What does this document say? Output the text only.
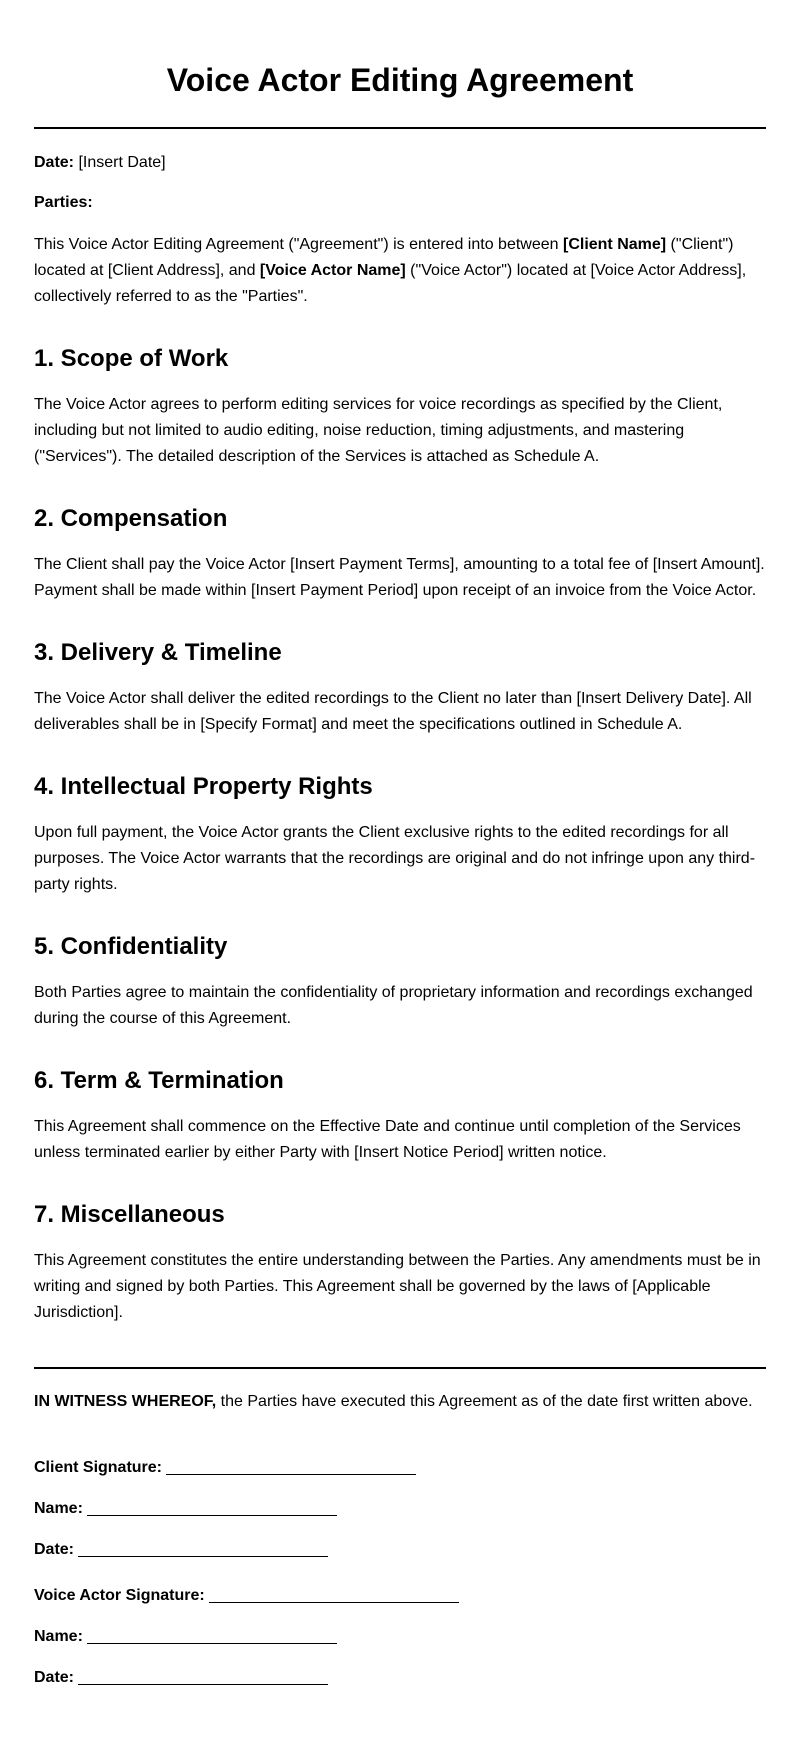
Voice Actor Editing Agreement

Date: [Insert Date]

Parties:

This Voice Actor Editing Agreement ("Agreement") is entered into between [Client Name] ("Client") located at [Client Address], and [Voice Actor Name] ("Voice Actor") located at [Voice Actor Address], collectively referred to as the "Parties".

1. Scope of Work

The Voice Actor agrees to perform editing services for voice recordings as specified by the Client, including but not limited to audio editing, noise reduction, timing adjustments, and mastering ("Services"). The detailed description of the Services is attached as Schedule A.

2. Compensation

The Client shall pay the Voice Actor [Insert Payment Terms], amounting to a total fee of [Insert Amount]. Payment shall be made within [Insert Payment Period] upon receipt of an invoice from the Voice Actor.

3. Delivery & Timeline

The Voice Actor shall deliver the edited recordings to the Client no later than [Insert Delivery Date]. All deliverables shall be in [Specify Format] and meet the specifications outlined in Schedule A.

4. Intellectual Property Rights

Upon full payment, the Voice Actor grants the Client exclusive rights to the edited recordings for all purposes. The Voice Actor warrants that the recordings are original and do not infringe upon any third-party rights.

5. Confidentiality

Both Parties agree to maintain the confidentiality of proprietary information and recordings exchanged during the course of this Agreement.

6. Term & Termination

This Agreement shall commence on the Effective Date and continue until completion of the Services unless terminated earlier by either Party with [Insert Notice Period] written notice.

7. Miscellaneous

This Agreement constitutes the entire understanding between the Parties. Any amendments must be in writing and signed by both Parties. This Agreement shall be governed by the laws of [Applicable Jurisdiction].

IN WITNESS WHEREOF, the Parties have executed this Agreement as of the date first written above.

Client Signature:

Name:

Date:

Voice Actor Signature:

Name:

Date:
